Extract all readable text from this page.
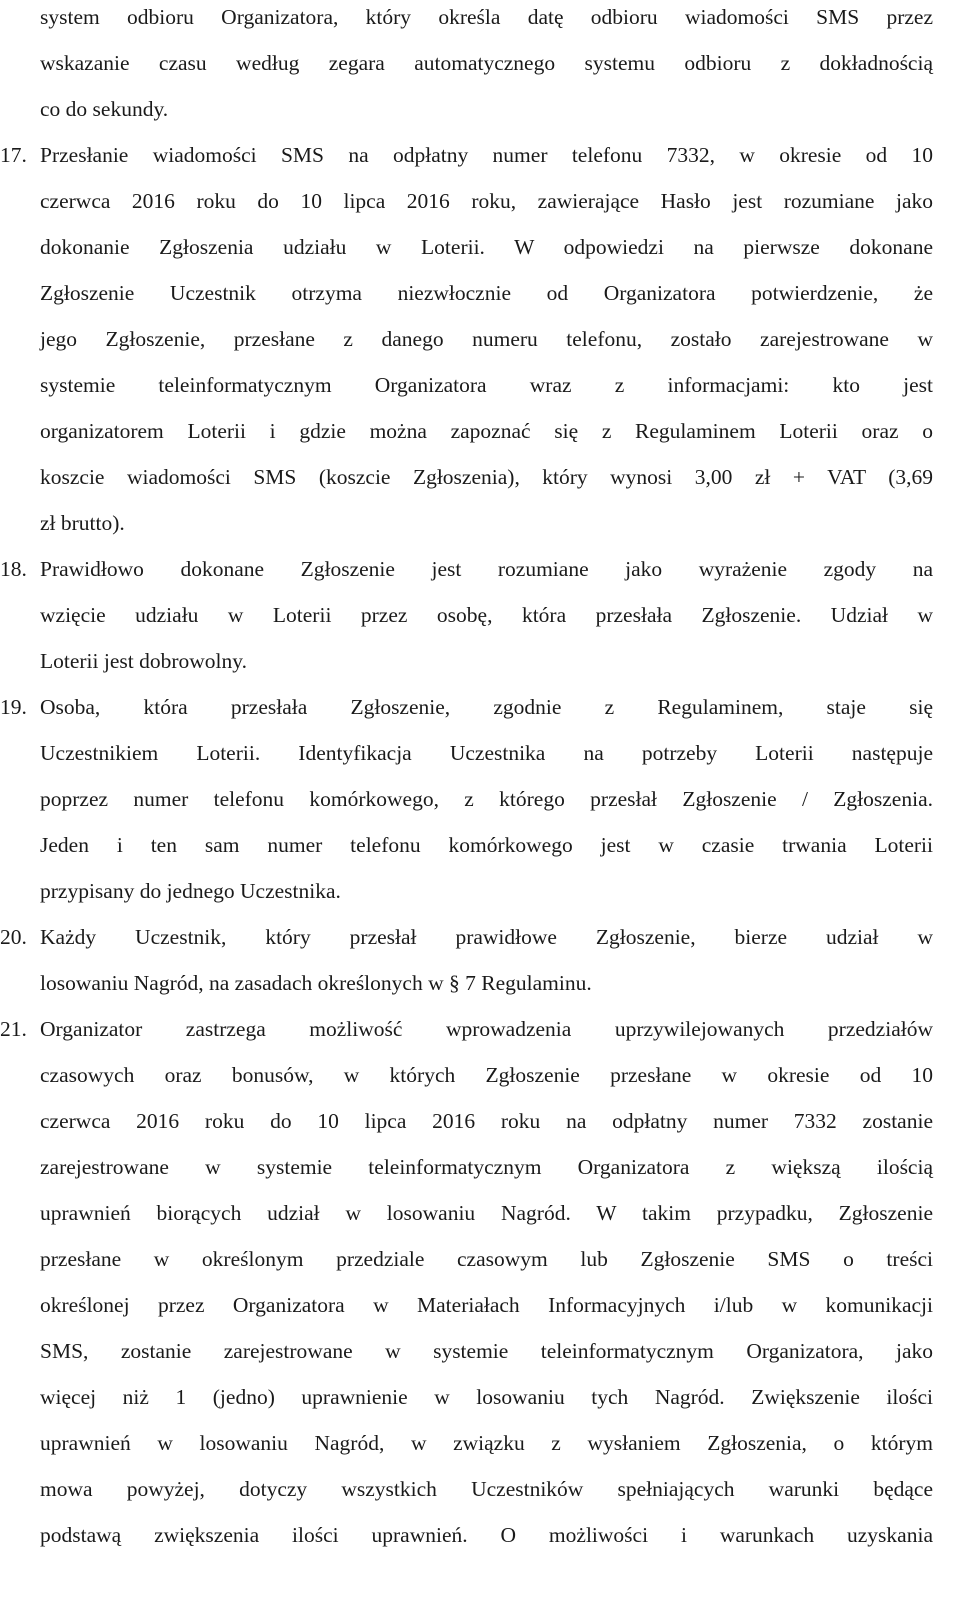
system odbioru Organizatora, który określa datę odbioru wiadomości SMS przez
wskazanie czasu według zegara automatycznego systemu odbioru z dokładnością
co do sekundy.
17. Przesłanie wiadomości SMS na odpłatny numer telefonu 7332, w okresie od 10
czerwca 2016 roku do 10 lipca 2016 roku, zawierające Hasło jest rozumiane jako
dokonanie Zgłoszenia udziału w Loterii. W odpowiedzi na pierwsze dokonane
Zgłoszenie Uczestnik otrzyma niezwłocznie od Organizatora potwierdzenie, że
jego Zgłoszenie, przesłane z danego numeru telefonu, zostało zarejestrowane w
systemie teleinformatycznym Organizatora wraz z informacjami: kto jest
organizatorem Loterii i gdzie można zapoznać się z Regulaminem Loterii oraz o
koszcie wiadomości SMS (koszcie Zgłoszenia), który wynosi 3,00 zł + VAT (3,69
zł brutto).
18. Prawidłowo dokonane Zgłoszenie jest rozumiane jako wyrażenie zgody na
wzięcie udziału w Loterii przez osobę, która przesłała Zgłoszenie. Udział w
Loterii jest dobrowolny.
19. Osoba, która przesłała Zgłoszenie, zgodnie z Regulaminem, staje się
Uczestnikiem Loterii. Identyfikacja Uczestnika na potrzeby Loterii następuje
poprzez numer telefonu komórkowego, z którego przesłał Zgłoszenie / Zgłoszenia.
Jeden i ten sam numer telefonu komórkowego jest w czasie trwania Loterii
przypisany do jednego Uczestnika.
20. Każdy Uczestnik, który przesłał prawidłowe Zgłoszenie, bierze udział w
losowaniu Nagród, na zasadach określonych w § 7 Regulaminu.
21. Organizator zastrzega możliwość wprowadzenia uprzywilejowanych przedziałów
czasowych oraz bonusów, w których Zgłoszenie przesłane w okresie od 10
czerwca 2016 roku do 10 lipca 2016 roku na odpłatny numer 7332 zostanie
zarejestrowane w systemie teleinformatycznym Organizatora z większą ilością
uprawnień biorących udział w losowaniu Nagród. W takim przypadku, Zgłoszenie
przesłane w określonym przedziale czasowym lub Zgłoszenie SMS o treści
określonej przez Organizatora w Materiałach Informacyjnych i/lub w komunikacji
SMS, zostanie zarejestrowane w systemie teleinformatycznym Organizatora, jako
więcej niż 1 (jedno) uprawnienie w losowaniu tych Nagród. Zwiększenie ilości
uprawnień w losowaniu Nagród, w związku z wysłaniem Zgłoszenia, o którym
mowa powyżej, dotyczy wszystkich Uczestników spełniających warunki będące
podstawą zwiększenia ilości uprawnień. O możliwości i warunkach uzyskania
